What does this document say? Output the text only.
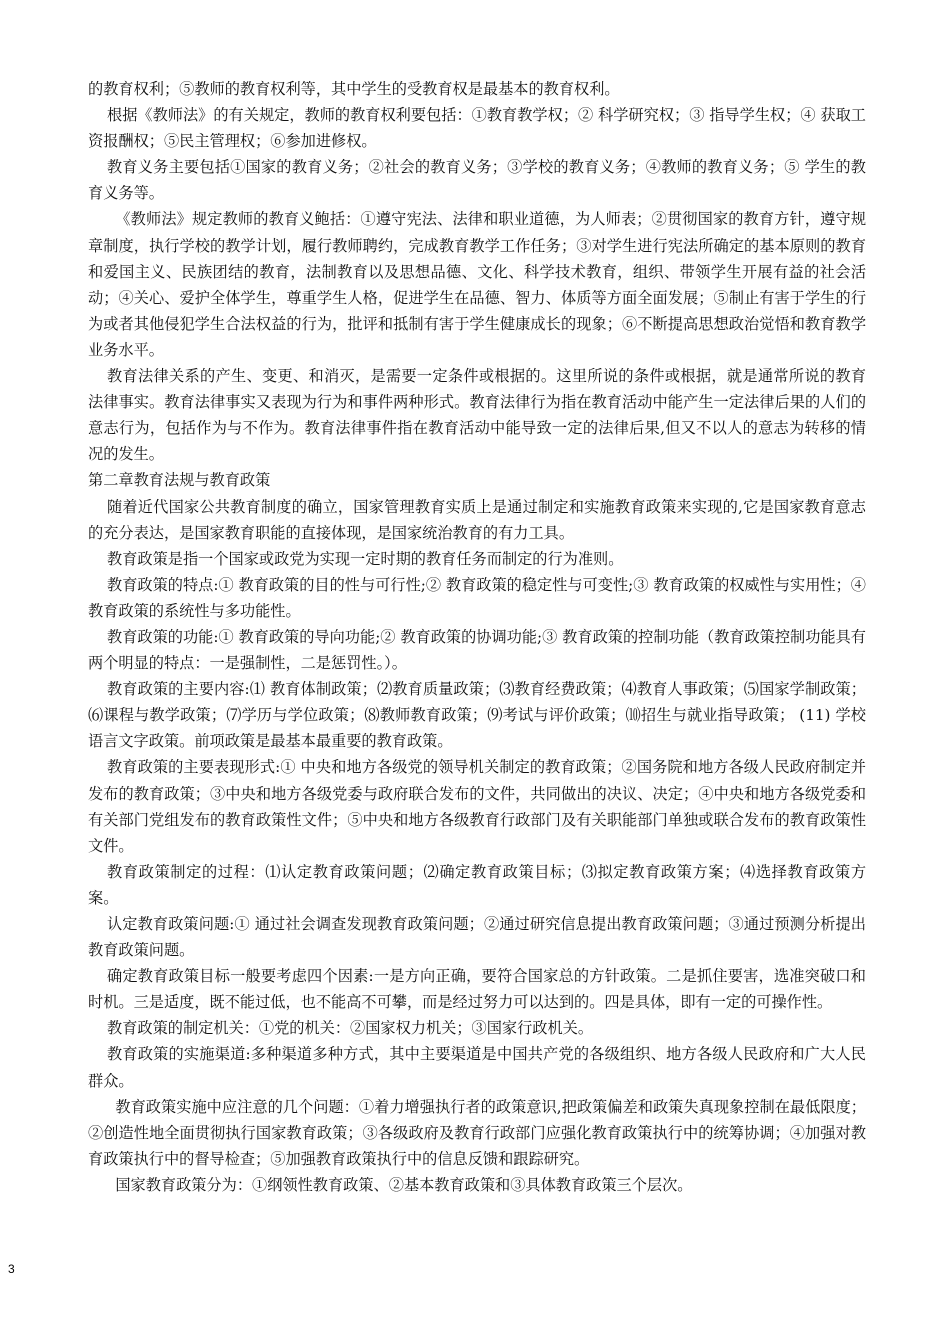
的教育权利；⑤教师的教育权利等，其中学生的受教育权是最基本的教育权利。

根据《教师法》的有关规定，教师的教育权利要包括：①教育教学权；② 科学研究权；③ 指导学生权；④ 获取工资报酬权；⑤民主管理权；⑥参加进修权。

教育义务主要包括①国家的教育义务；②社会的教育义务；③学校的教育义务；④教师的教育义务；⑤ 学生的教育义务等。

《教师法》规定教师的教育义鲍括：①遵守宪法、法律和职业道德，为人师表；②贯彻国家的教育方针，遵守规章制度，执行学校的教学计划，履行教师聘约，完成教育教学工作任务；③对学生进行宪法所确定的基本原则的教育和爱国主义、民族团结的教育，法制教育以及思想品德、文化、科学技术教育，组织、带领学生开展有益的社会活动；④关心、爱护全体学生，尊重学生人格，促进学生在品德、智力、体质等方面全面发展；⑤制止有害于学生的行为或者其他侵犯学生合法权益的行为，批评和抵制有害于学生健康成长的现象；⑥不断提高思想政治觉悟和教育教学业务水平。

教育法律关系的产生、变更、和消灭，是需要一定条件或根据的。这里所说的条件或根据，就是通常所说的教育法律事实。教育法律事实又表现为行为和事件两种形式。教育法律行为指在教育活动中能产生一定法律后果的人们的意志行为，包括作为与不作为。教育法律事件指在教育活动中能导致一定的法律后果,但又不以人的意志为转移的情况的发生。

第二章教育法规与教育政策

随着近代国家公共教育制度的确立，国家管理教育实质上是通过制定和实施教育政策来实现的,它是国家教育意志的充分表达，是国家教育职能的直接体现，是国家统治教育的有力工具。

教育政策是指一个国家或政党为实现一定时期的教育任务而制定的行为准则。

教育政策的特点:① 教育政策的目的性与可行性;② 教育政策的稳定性与可变性;③ 教育政策的权威性与实用性；④教育政策的系统性与多功能性。

教育政策的功能:① 教育政策的导向功能;② 教育政策的协调功能;③ 教育政策的控制功能（教育政策控制功能具有两个明显的特点：一是强制性，二是惩罚性。）。

教育政策的主要内容:⑴ 教育体制政策；⑵教育质量政策；⑶教育经费政策；⑷教育人事政策；⑸国家学制政策；⑹课程与教学政策；⑺学历与学位政策；⑻教师教育政策；⑼考试与评价政策；⑽招生与就业指导政策； (11) 学校语言文字政策。前项政策是最基本最重要的教育政策。

教育政策的主要表现形式:① 中央和地方各级党的领导机关制定的教育政策；②国务院和地方各级人民政府制定并发布的教育政策；③中央和地方各级党委与政府联合发布的文件，共同做出的决议、决定；④中央和地方各级党委和有关部门党组发布的教育政策性文件；⑤中央和地方各级教育行政部门及有关职能部门单独或联合发布的教育政策性文件。

教育政策制定的过程：⑴认定教育政策问题；⑵确定教育政策目标；⑶拟定教育政策方案；⑷选择教育政策方案。

认定教育政策问题:① 通过社会调查发现教育政策问题；②通过研究信息提出教育政策问题；③通过预测分析提出教育政策问题。

确定教育政策目标一般要考虑四个因素:一是方向正确，要符合国家总的方针政策。二是抓住要害，选准突破口和时机。三是适度，既不能过低，也不能高不可攀，而是经过努力可以达到的。四是具体，即有一定的可操作性。

教育政策的制定机关：①党的机关：②国家权力机关；③国家行政机关。

教育政策的实施渠道:多种渠道多种方式，其中主要渠道是中国共产党的各级组织、地方各级人民政府和广大人民群众。

教育政策实施中应注意的几个问题：①着力增强执行者的政策意识,把政策偏差和政策失真现象控制在最低限度；②创造性地全面贯彻执行国家教育政策；③各级政府及教育行政部门应强化教育政策执行中的统筹协调；④加强对教育政策执行中的督导检查；⑤加强教育政策执行中的信息反馈和跟踪研究。

国家教育政策分为：①纲领性教育政策、②基本教育政策和③具体教育政策三个层次。

3
